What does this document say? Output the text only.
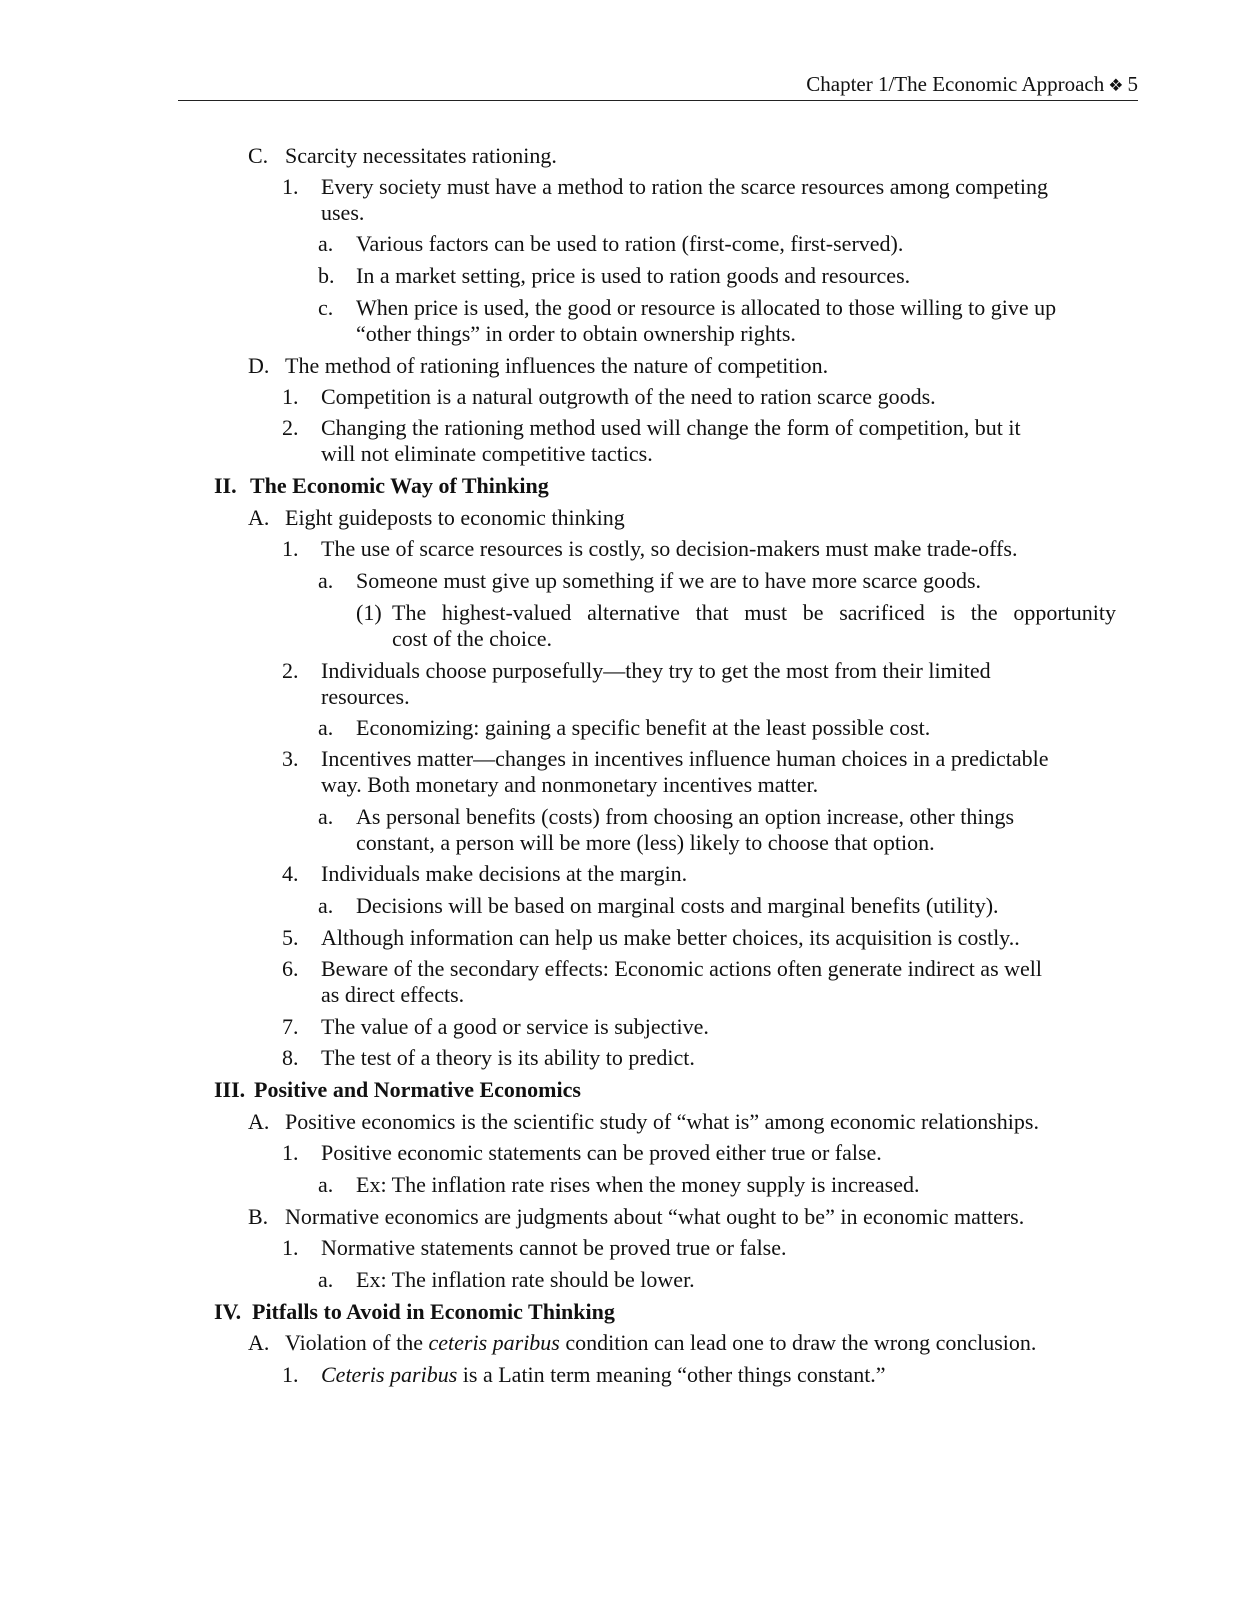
Chapter 1/The Economic Approach ❖ 5
C. Scarcity necessitates rationing.
1.	Every society must have a method to ration the scarce resources among competing
uses.
a.	Various factors can be used to ration (first-come, first-served).
b. In a market setting, price is used to ration goods and resources.
c.	When price is used, the good or resource is allocated to those willing to give up
“other things” in order to obtain ownership rights.
D. The method of rationing influences the nature of competition.
1.	Competition is a natural outgrowth of the need to ration scarce goods.
2.	Changing the rationing method used will change the form of competition, but it
will not eliminate competitive tactics.
II. The Economic Way of Thinking
A. Eight guideposts to economic thinking
1.	The use of scarce resources is costly, so decision-makers must make trade-offs.
a.	Someone must give up something if we are to have more scarce goods.
(1) The highest-valued alternative that must be sacrificed is the opportunity
cost of the choice.
2.	Individuals choose purposefully—they try to get the most from their limited
resources.
a.	Economizing: gaining a specific benefit at the least possible cost.
3.	Incentives matter—changes in incentives influence human choices in a predictable
way. Both monetary and nonmonetary incentives matter.
a.	As personal benefits (costs) from choosing an option increase, other things
constant, a person will be more (less) likely to choose that option.
4.	Individuals make decisions at the margin.
a.	Decisions will be based on marginal costs and marginal benefits (utility).
5.	Although information can help us make better choices, its acquisition is costly..
6.	Beware of the secondary effects: Economic actions often generate indirect as well
as direct effects.
7.	The value of a good or service is subjective.
8.	The test of a theory is its ability to predict.
III. Positive and Normative Economics
A. Positive economics is the scientific study of “what is” among economic relationships.
1.	Positive economic statements can be proved either true or false.
a.	Ex: The inflation rate rises when the money supply is increased.
B. Normative economics are judgments about “what ought to be” in economic matters.
1.	Normative statements cannot be proved true or false.
a.	Ex: The inflation rate should be lower.
IV. Pitfalls to Avoid in Economic Thinking
A. Violation of the ceteris paribus condition can lead one to draw the wrong conclusion.
1.	Ceteris paribus is a Latin term meaning “other things constant.”
